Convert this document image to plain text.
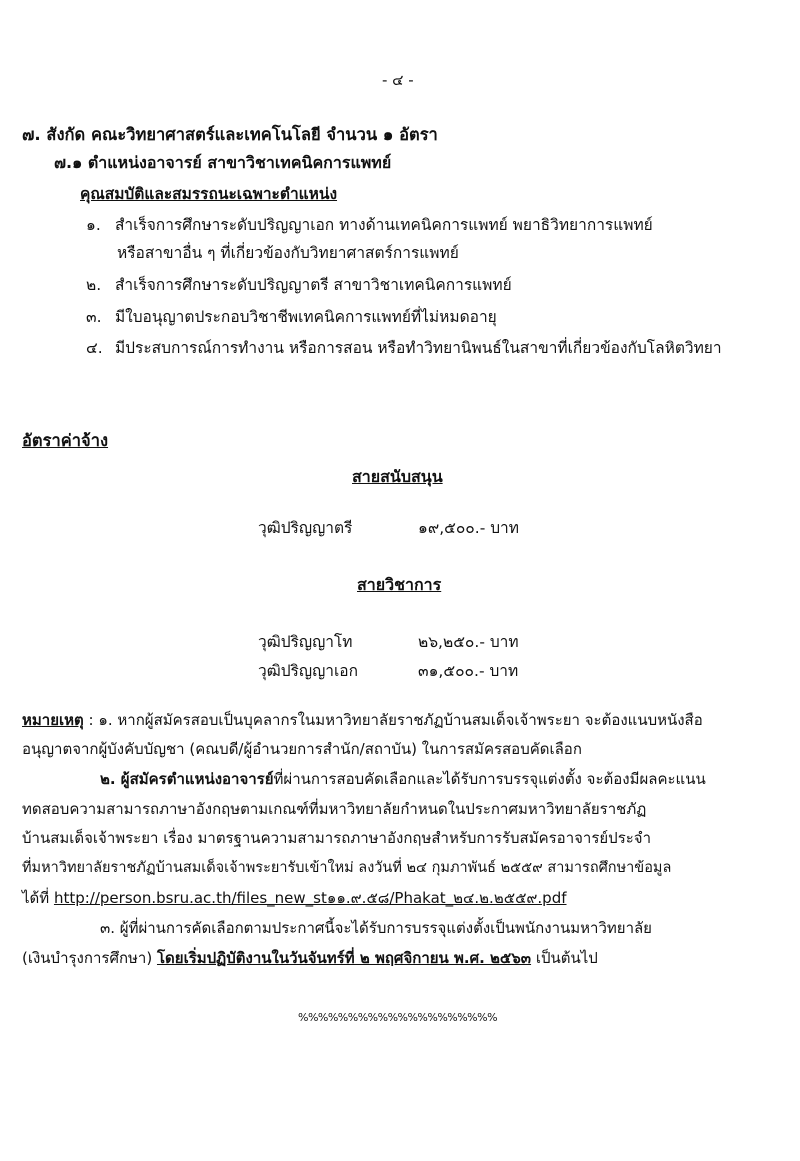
- ๔ -
๗. สังกัด คณะวิทยาศาสตร์และเทคโนโลยี จำนวน ๑ อัตรา
๗.๑ ตำแหน่งอาจารย์ สาขาวิชาเทคนิคการแพทย์
คุณสมบัติและสมรรถนะเฉพาะตำแหน่ง
๑. สำเร็จการศึกษาระดับปริญญาเอก ทางด้านเทคนิคการแพทย์ พยาธิวิทยาการแพทย์
หรือสาขาอื่น ๆ ที่เกี่ยวข้องกับวิทยาศาสตร์การแพทย์
๒. สำเร็จการศึกษาระดับปริญญาตรี สาขาวิชาเทคนิคการแพทย์
๓. มีใบอนุญาตประกอบวิชาชีพเทคนิคการแพทย์ที่ไม่หมดอายุ
๔. มีประสบการณ์การทำงาน หรือการสอน หรือทำวิทยานิพนธ์ในสาขาที่เกี่ยวข้องกับโลหิตวิทยา
อัตราค่าจ้าง
สายสนับสนุน
วุฒิปริญญาตรี	๑๙,๕๐๐.- บาท
สายวิชาการ
วุฒิปริญญาโท	๒๖,๒๕๐.- บาท
วุฒิปริญญาเอก	๓๑,๕๐๐.- บาท
หมายเหตุ : ๑. หากผู้สมัครสอบเป็นบุคลากรในมหาวิทยาลัยราชภัฏบ้านสมเด็จเจ้าพระยา จะต้องแนบหนังสือ
อนุญาตจากผู้บังคับบัญชา (คณบดี/ผู้อำนวยการสำนัก/สถาบัน) ในการสมัครสอบคัดเลือก
๒. ผู้สมัครตำแหน่งอาจารย์ที่ผ่านการสอบคัดเลือกและได้รับการบรรจุแต่งตั้ง จะต้องมีผลคะแนน
ทดสอบความสามารถภาษาอังกฤษตามเกณฑ์ที่มหาวิทยาลัยกำหนดในประกาศมหาวิทยาลัยราชภัฏ
บ้านสมเด็จเจ้าพระยา เรื่อง มาตรฐานความสามารถภาษาอังกฤษสำหรับการรับสมัครอาจารย์ประจำ
ที่มหาวิทยาลัยราชภัฏบ้านสมเด็จเจ้าพระยารับเข้าใหม่ ลงวันที่ ๒๔ กุมภาพันธ์ ๒๕๕๙ สามารถศึกษาข้อมูล
ได้ที่ http://person.bsru.ac.th/files_new_st๑๑.๙.๕๘/Phakat_๒๔.๒.๒๕๕๙.pdf
๓. ผู้ที่ผ่านการคัดเลือกตามประกาศนี้จะได้รับการบรรจุแต่งตั้งเป็นพนักงานมหาวิทยาลัย
(เงินบำรุงการศึกษา) โดยเริ่มปฏิบัติงานในวันจันทร์ที่ ๒ พฤศจิกายน พ.ศ. ๒๕๖๓ เป็นต้นไป
%%%%%%%%%%%%%%%%%%%%
